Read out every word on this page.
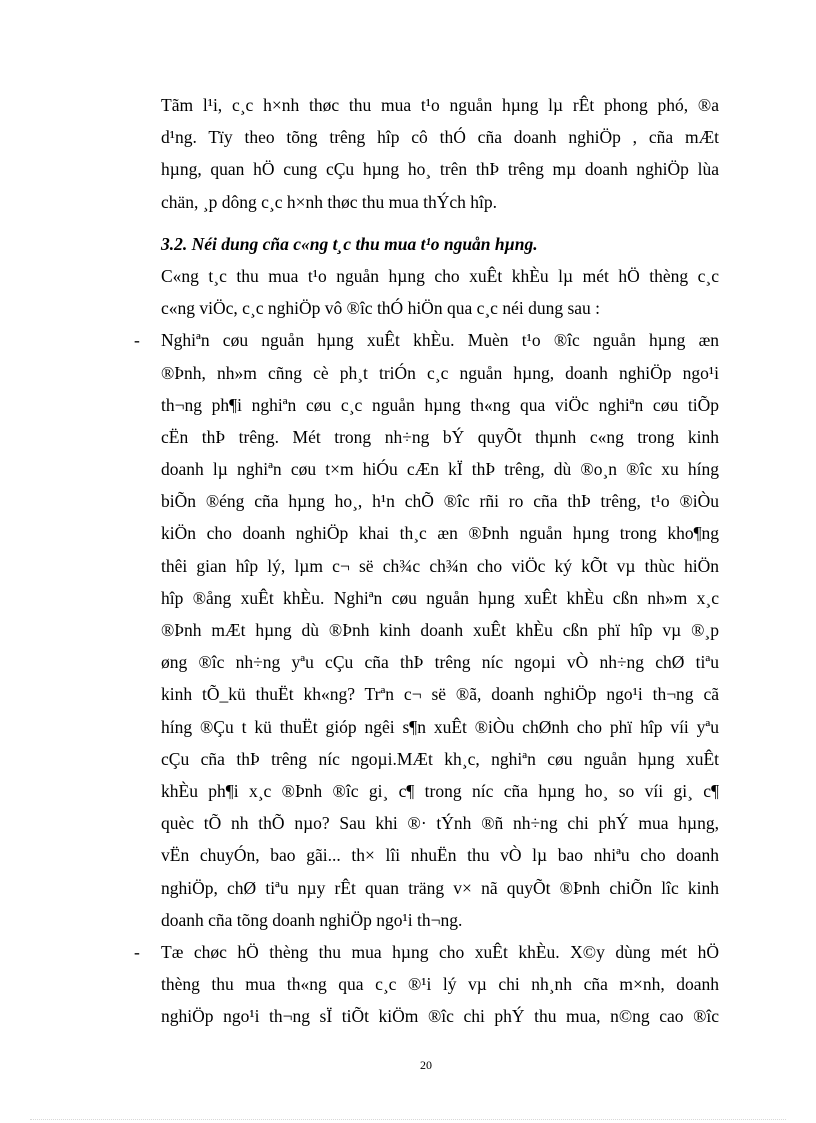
Tãm l¹i, c¸c h×nh thøc thu mua t¹o nguån hµng lµ rÊt phong phó, ®a
d¹ng. Tïy theo tõng trêng hîp cô thÓ cña doanh nghiÖp , cña mÆt
hµng, quan hÖ cung cÇu hµng ho¸ trên thÞ trêng mµ doanh nghiÖp lùa
chän, ¸p dông c¸c h×nh thøc thu mua thÝch hîp.
3.2. Néi dung cña c«ng t¸c thu mua t¹o nguån hµng.
C«ng t¸c thu mua t¹o nguån hµng cho xuÊt khÈu lµ mét hÖ thèng c¸c
c«ng viÖc, c¸c nghiÖp vô ®îc thÓ hiÖn qua c¸c néi dung sau :
- Nghiªn cøu nguån hµng xuÊt khÈu. Muèn t¹o ®îc nguån hµng æn
®Þnh, nh»m cñng cè ph¸t triÓn c¸c nguån hµng, doanh nghiÖp ngo¹i
th¬ng ph¶i nghiªn cøu c¸c nguån hµng th«ng qua viÖc nghiªn cøu tiÕp
cËn thÞ trêng. Mét trong nh÷ng bÝ quyÕt thµnh c«ng trong kinh
doanh lµ nghiªn cøu t×m hiÓu cÆn kÏ thÞ trêng, dù ®o¸n ®îc xu híng
biÕn ®éng cña hµng ho¸, h¹n chÕ ®îc rñi ro cña thÞ trêng, t¹o ®iÒu
kiÖn cho doanh nghiÖp khai th¸c æn ®Þnh nguån hµng trong kho¶ng
thêi gian hîp lý, lµm c¬ së ch¾c ch¾n cho viÖc ký kÕt vµ thùc hiÖn
hîp ®ång xuÊt khÈu. Nghiªn cøu nguån hµng xuÊt khÈu cßn nh»m x¸c
®Þnh mÆt hµng dù ®Þnh kinh doanh xuÊt khÈu cßn phï hîp vµ ®¸p
øng ®îc nh÷ng yªu cÇu cña thÞ trêng níc ngoµi vÒ nh÷ng chØ tiªu
kinh tÕ_kü thuËt kh«ng? Trªn c¬ së ®ã, doanh nghiÖp ngo¹i th¬ng cã
híng ®Çu t kü thuËt gióp ngêi s¶n xuÊt ®iÒu chØnh cho phï hîp víi yªu
cÇu cña thÞ trêng níc ngoµi.MÆt kh¸c, nghiªn cøu nguån hµng xuÊt
khÈu ph¶i x¸c ®Þnh ®îc gi¸ c¶ trong níc cña hµng ho¸ so víi gi¸ c¶
quèc tÕ nh thÕ nµo? Sau khi ®· tÝnh ®ñ nh÷ng chi phÝ mua hµng,
vËn chuyÓn, bao gãi... th× lîi nhuËn thu vÒ lµ bao nhiªu cho doanh
nghiÖp, chØ tiªu nµy rÊt quan träng v× nã quyÕt ®Þnh chiÕn lîc kinh
doanh cña tõng doanh nghiÖp ngo¹i th¬ng.
- Tæ chøc hÖ thèng thu mua hµng cho xuÊt khÈu. X©y dùng mét hÖ
thèng thu mua th«ng qua c¸c ®¹i lý vµ chi nh¸nh cña m×nh, doanh
nghiÖp ngo¹i th¬ng sÏ tiÕt kiÖm ®îc chi phÝ thu mua, n©ng cao ®îc
20
